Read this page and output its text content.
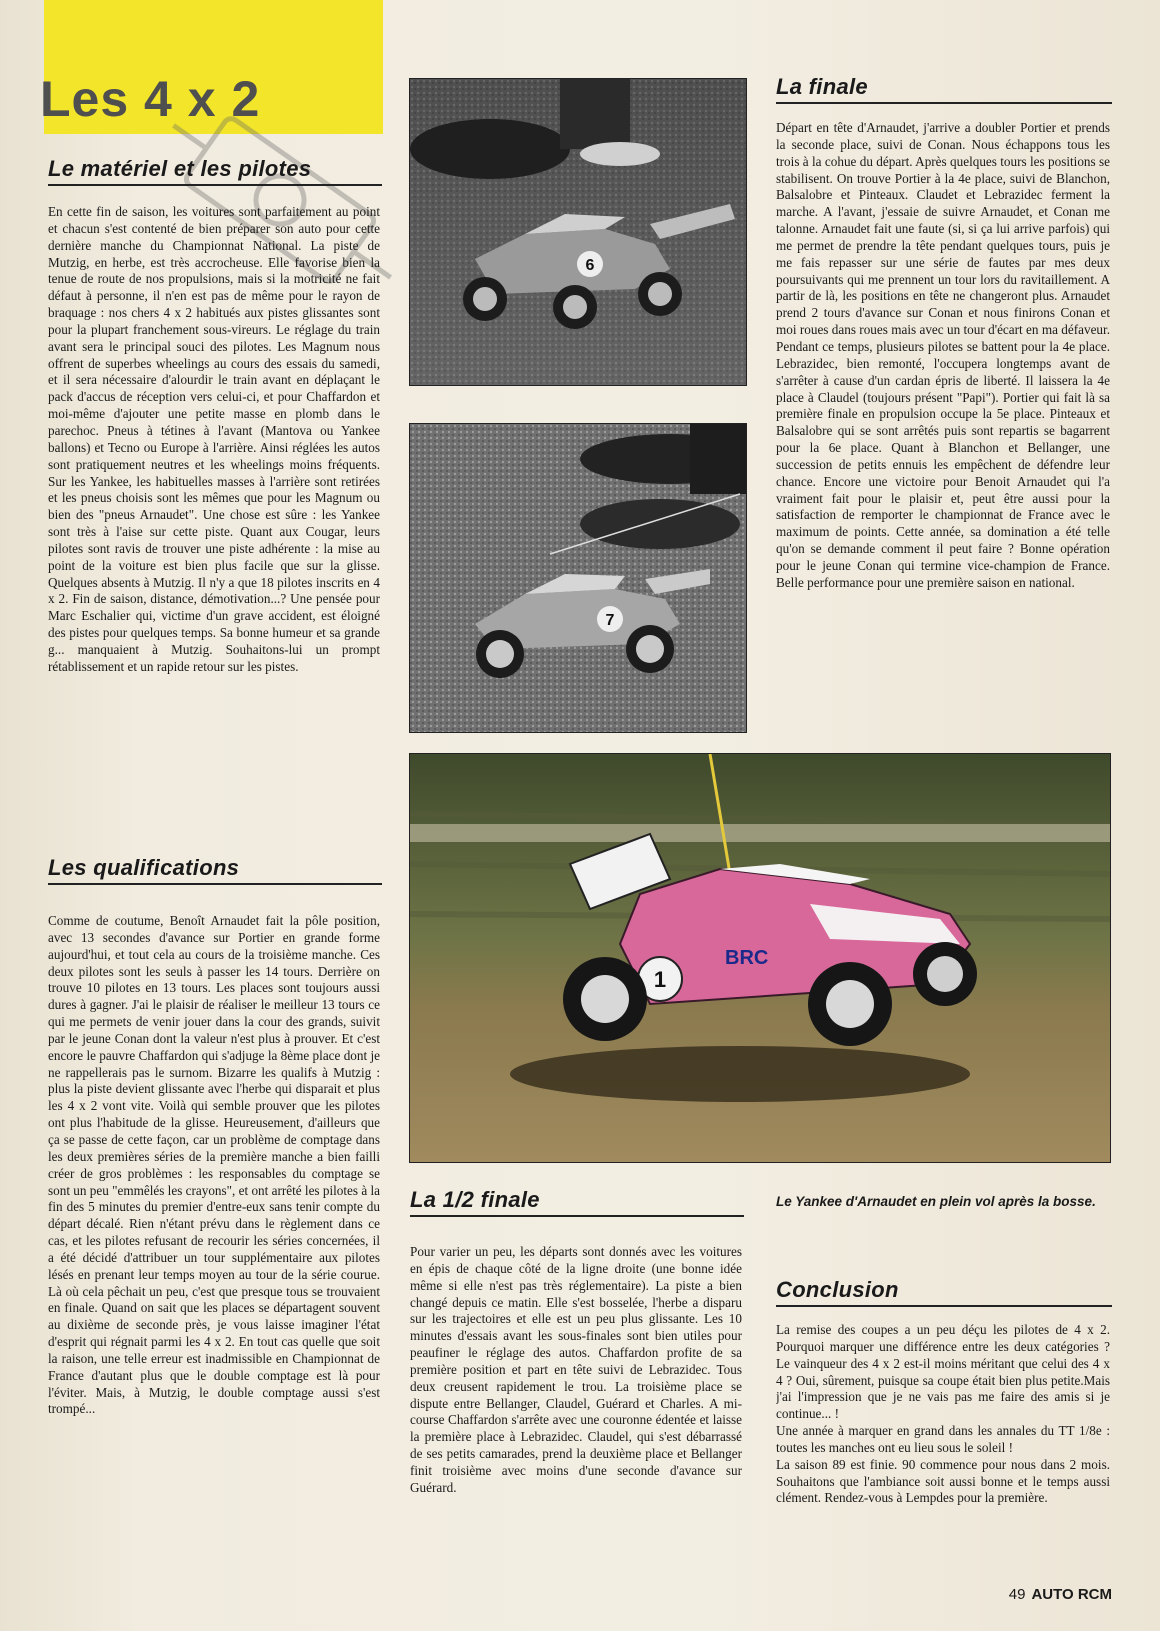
Les 4 x 2
Le matériel et les pilotes
En cette fin de saison, les voitures sont parfaitement au point et chacun s'est contenté de bien préparer son auto pour cette dernière manche du Championnat National. La piste de Mutzig, en herbe, est très accrocheuse. Elle favorise bien la tenue de route de nos propulsions, mais si la motricité ne fait défaut à personne, il n'en est pas de même pour le rayon de braquage : nos chers 4 x 2 habitués aux pistes glissantes sont pour la plupart franchement sous-vireurs. Le réglage du train avant sera le principal souci des pilotes. Les Magnum nous offrent de superbes wheelings au cours des essais du samedi, et il sera nécessaire d'alourdir le train avant en déplaçant le pack d'accus de réception vers celui-ci, et pour Chaffardon et moi-même d'ajouter une petite masse en plomb dans le parechoc. Pneus à tétines à l'avant (Mantova ou Yankee ballons) et Tecno ou Europe à l'arrière. Ainsi réglées les autos sont pratiquement neutres et les wheelings moins fréquents. Sur les Yankee, les habituelles masses à l'arrière sont retirées et les pneus choisis sont les mêmes que pour les Magnum ou bien des "pneus Arnaudet". Une chose est sûre : les Yankee sont très à l'aise sur cette piste. Quant aux Cougar, leurs pilotes sont ravis de trouver une piste adhérente : la mise au point de la voiture est bien plus facile que sur la glisse. Quelques absents à Mutzig. Il n'y a que 18 pilotes inscrits en 4 x 2. Fin de saison, distance, démotivation...? Une pensée pour Marc Eschalier qui, victime d'un grave accident, est éloigné des pistes pour quelques temps. Sa bonne humeur et sa grande g... manquaient à Mutzig. Souhaitons-lui un prompt rétablissement et un rapide retour sur les pistes.
Les qualifications
Comme de coutume, Benoît Arnaudet fait la pôle position, avec 13 secondes d'avance sur Portier en grande forme aujourd'hui, et tout cela au cours de la troisième manche. Ces deux pilotes sont les seuls à passer les 14 tours. Derrière on trouve 10 pilotes en 13 tours. Les places sont toujours aussi dures à gagner. J'ai le plaisir de réaliser le meilleur 13 tours ce qui me permets de venir jouer dans la cour des grands, suivit par le jeune Conan dont la valeur n'est plus à prouver. Et c'est encore le pauvre Chaffardon qui s'adjuge la 8ème place dont je ne rappellerais pas le surnom. Bizarre les qualifs à Mutzig : plus la piste devient glissante avec l'herbe qui disparait et plus les 4 x 2 vont vite. Voilà qui semble prouver que les pilotes ont plus l'habitude de la glisse. Heureusement, d'ailleurs que ça se passe de cette façon, car un problème de comptage dans les deux premières séries de la première manche a bien failli créer de gros problèmes : les responsables du comptage se sont un peu "emmêlés les crayons", et ont arrêté les pilotes à la fin des 5 minutes du premier d'entre-eux sans tenir compte du départ décalé. Rien n'étant prévu dans le règlement dans ce cas, et les pilotes refusant de recourir les séries concernées, il a été décidé d'attribuer un tour supplémentaire aux pilotes lésés en prenant leur temps moyen au tour de la série courue. Là où cela pêchait un peu, c'est que presque tous se trouvaient en finale. Quand on sait que les places se départagent souvent au dixième de seconde près, je vous laisse imaginer l'état d'esprit qui régnait parmi les 4 x 2. En tout cas quelle que soit la raison, une telle erreur est inadmissible en Championnat de France d'autant plus que le double comptage est là pour l'éviter. Mais, à Mutzig, le double comptage aussi s'est trompé...
6
7
1
BRC
Le Yankee d'Arnaudet en plein vol après la bosse.
La 1/2 finale
Pour varier un peu, les départs sont donnés avec les voitures en épis de chaque côté de la ligne droite (une bonne idée même si elle n'est pas très réglementaire). La piste a bien changé depuis ce matin. Elle s'est bosselée, l'herbe a disparu sur les trajectoires et elle est un peu plus glissante. Les 10 minutes d'essais avant les sous-finales sont bien utiles pour peaufiner le réglage des autos. Chaffardon profite de sa première position et part en tête suivi de Lebrazidec. Tous deux creusent rapidement le trou. La troisième place se dispute entre Bellanger, Claudel, Guérard et Charles. A mi-course Chaffardon s'arrête avec une couronne édentée et laisse la première place à Lebrazidec. Claudel, qui s'est débarrassé de ses petits camarades, prend la deuxième place et Bellanger finit troisième avec moins d'une seconde d'avance sur Guérard.
La finale
Départ en tête d'Arnaudet, j'arrive a doubler Portier et prends la seconde place, suivi de Conan. Nous échappons tous les trois à la cohue du départ. Après quelques tours les positions se stabilisent. On trouve Portier à la 4e place, suivi de Blanchon, Balsalobre et Pinteaux. Claudet et Lebrazidec ferment la marche. A l'avant, j'essaie de suivre Arnaudet, et Conan me talonne. Arnaudet fait une faute (si, si ça lui arrive parfois) qui me permet de prendre la tête pendant quelques tours, puis je me fais repasser sur une série de fautes par mes deux poursuivants qui me prennent un tour lors du ravitaillement. A partir de là, les positions en tête ne changeront plus. Arnaudet prend 2 tours d'avance sur Conan et nous finirons Conan et moi roues dans roues mais avec un tour d'écart en ma défaveur. Pendant ce temps, plusieurs pilotes se battent pour la 4e place. Lebrazidec, bien remonté, l'occupera longtemps avant de s'arrêter à cause d'un cardan épris de liberté. Il laissera la 4e place à Claudel (toujours présent "Papi"). Portier qui fait là sa première finale en propulsion occupe la 5e place. Pinteaux et Balsalobre qui se sont arrêtés puis sont repartis se bagarrent pour la 6e place. Quant à Blanchon et Bellanger, une succession de petits ennuis les empêchent de défendre leur chance. Encore une victoire pour Benoit Arnaudet qui l'a vraiment fait pour le plaisir et, peut être aussi pour la satisfaction de remporter le championnat de France avec le maximum de points. Cette année, sa domination a été telle qu'on se demande comment il peut faire ? Bonne opération pour le jeune Conan qui termine vice-champion de France. Belle performance pour une première saison en national.
Conclusion

La remise des coupes a un peu déçu les pilotes de 4 x 2. Pourquoi marquer une différence entre les deux catégories ? Le vainqueur des 4 x 2 est-il moins méritant que celui des 4 x 4 ? Oui, sûrement, puisque sa coupe était bien plus petite.Mais j'ai l'impression que je ne vais pas me faire des amis si je continue... !

Une année à marquer en grand dans les annales du TT 1/8e : toutes les manches ont eu lieu sous le soleil !

La saison 89 est finie. 90 commence pour nous dans 2 mois. Souhaitons que l'ambiance soit aussi bonne et le temps aussi clément. Rendez-vous à Lempdes pour la première.

49 AUTO RCM
